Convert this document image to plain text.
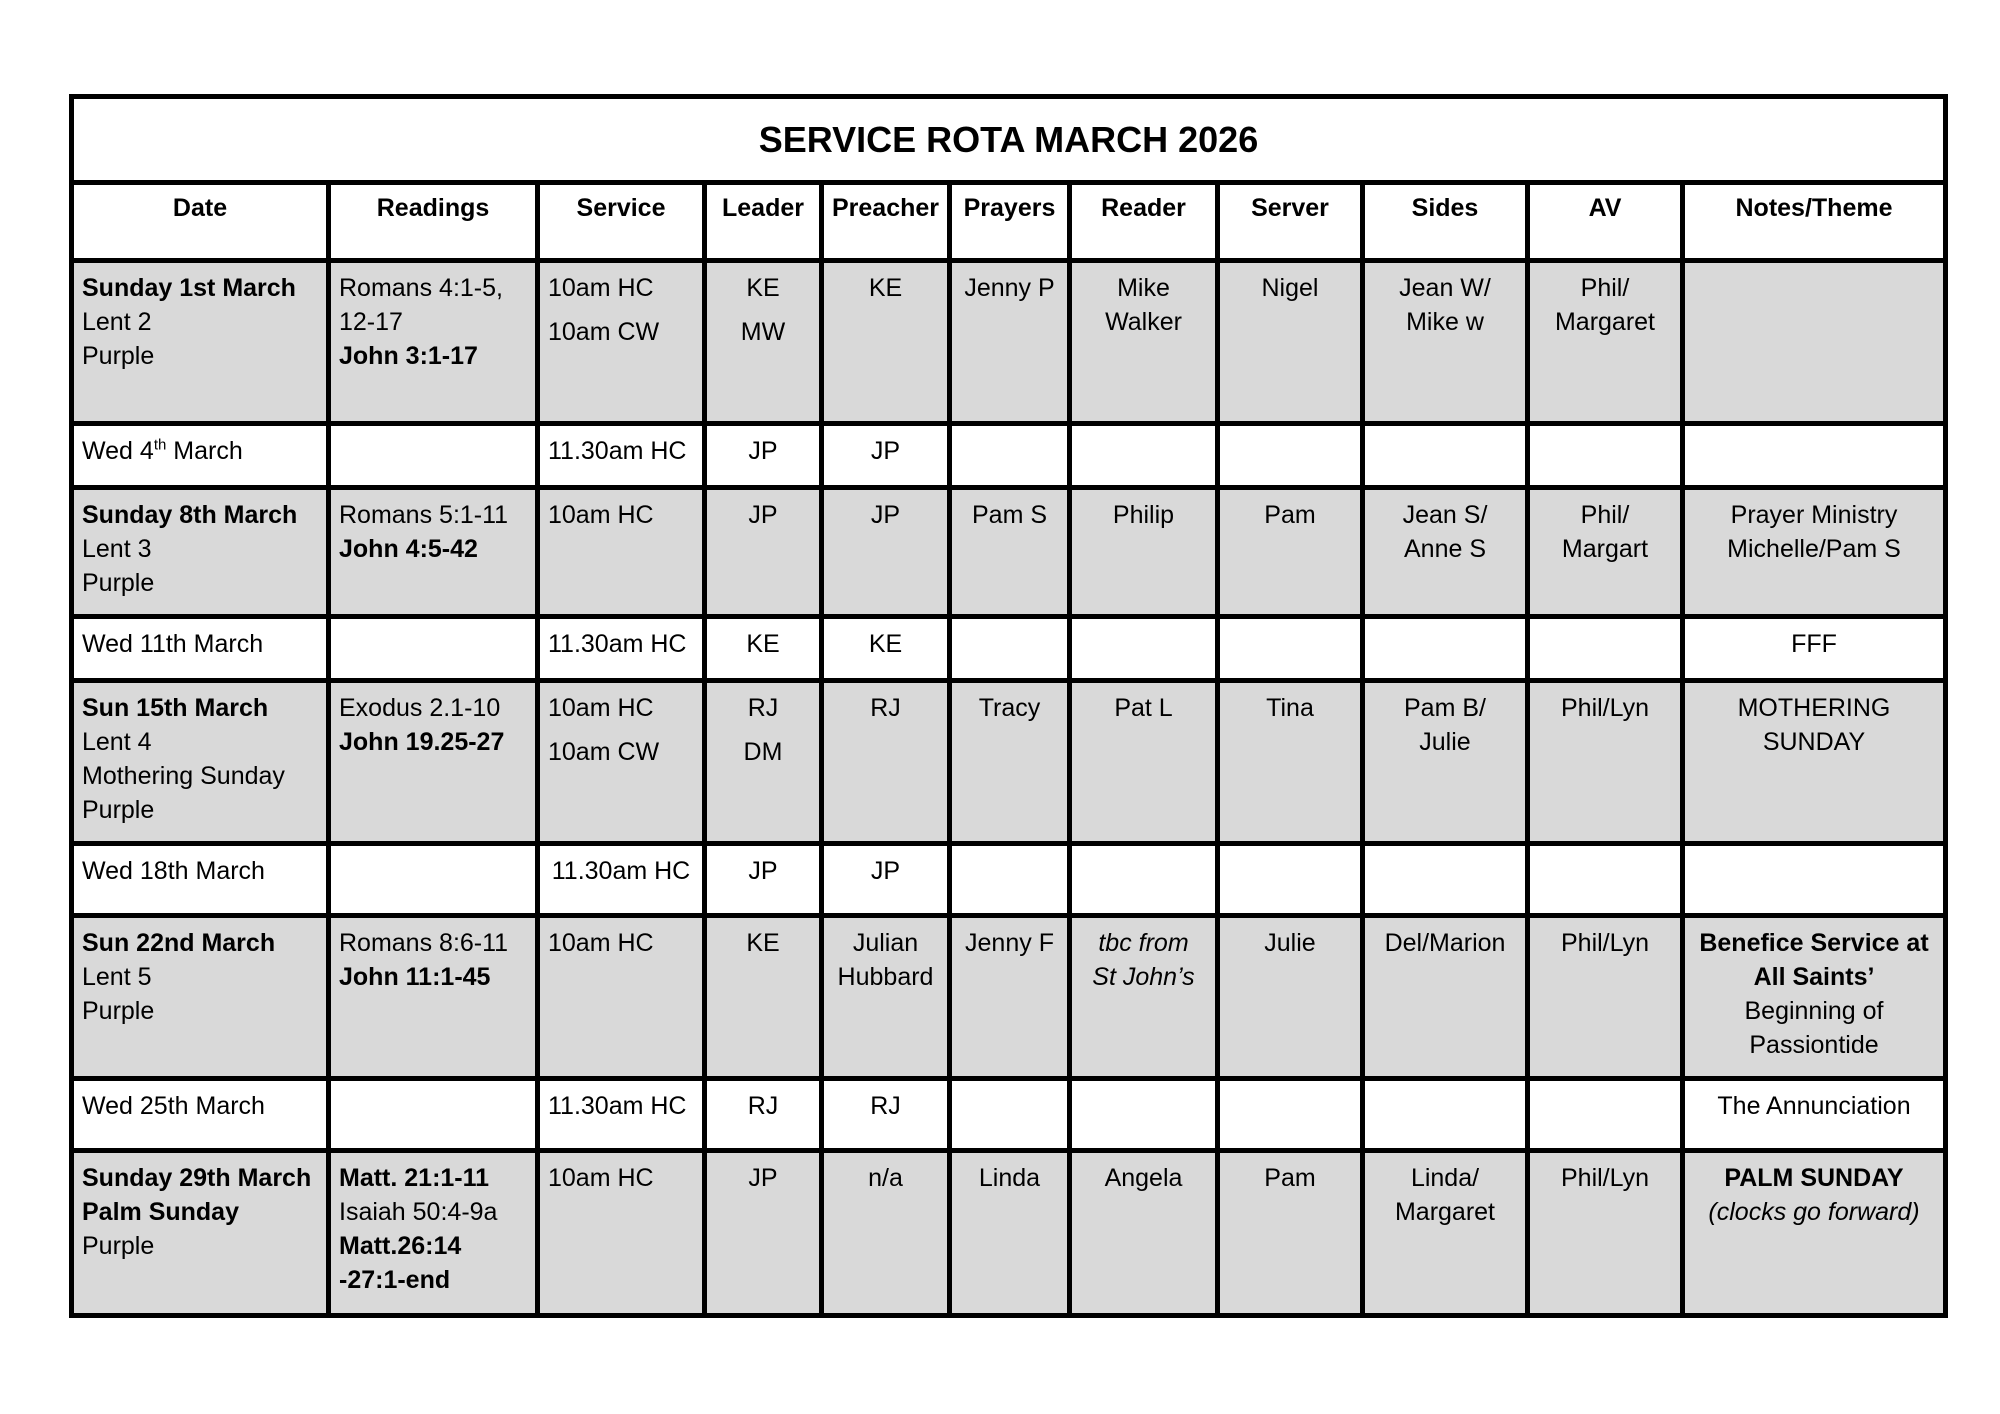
SERVICE ROTA MARCH 2026										
Date	Readings	Service	Leader	Preacher	Prayers	Reader	Server	Sides	AV	Notes/Theme

Sunday 1st March
Lent 2
Purple	Romans 4:1-5,
12-17
John 3:1-17	10am HC
10am CW	KE
MW	KE	Jenny P	Mike
Walker	Nigel	Jean W/
Mike w	Phil/
Margaret	

Wed 4th March		11.30am HC	JP	JP						

Sunday 8th March
Lent 3
Purple	Romans 5:1-11
John 4:5-42	10am HC	JP	JP	Pam S	Philip	Pam	Jean S/
Anne S	Phil/
Margart	Prayer Ministry
Michelle/Pam S

Wed 11th March		11.30am HC	KE	KE						FFF

Sun 15th March
Lent 4
Mothering Sunday
Purple	Exodus 2.1-10
John 19.25-27	10am HC
10am CW	RJ
DM	RJ	Tracy	Pat L	Tina	Pam B/
Julie	Phil/Lyn	MOTHERING
SUNDAY

Wed 18th March		11.30am HC	JP	JP						

Sun 22nd March
Lent 5
Purple	Romans 8:6-11
John 11:1-45	10am HC	KE	Julian
Hubbard	Jenny F	tbc from
St John’s	Julie	Del/Marion	Phil/Lyn	Benefice Service at
All Saints’
Beginning of
Passiontide

Wed 25th March		11.30am HC	RJ	RJ						The Annunciation

Sunday 29th March
Palm Sunday
Purple	Matt. 21:1-11
Isaiah 50:4-9a
Matt.26:14
-27:1-end	10am HC	JP	n/a	Linda	Angela	Pam	Linda/
Margaret	Phil/Lyn	PALM SUNDAY
(clocks go forward)
